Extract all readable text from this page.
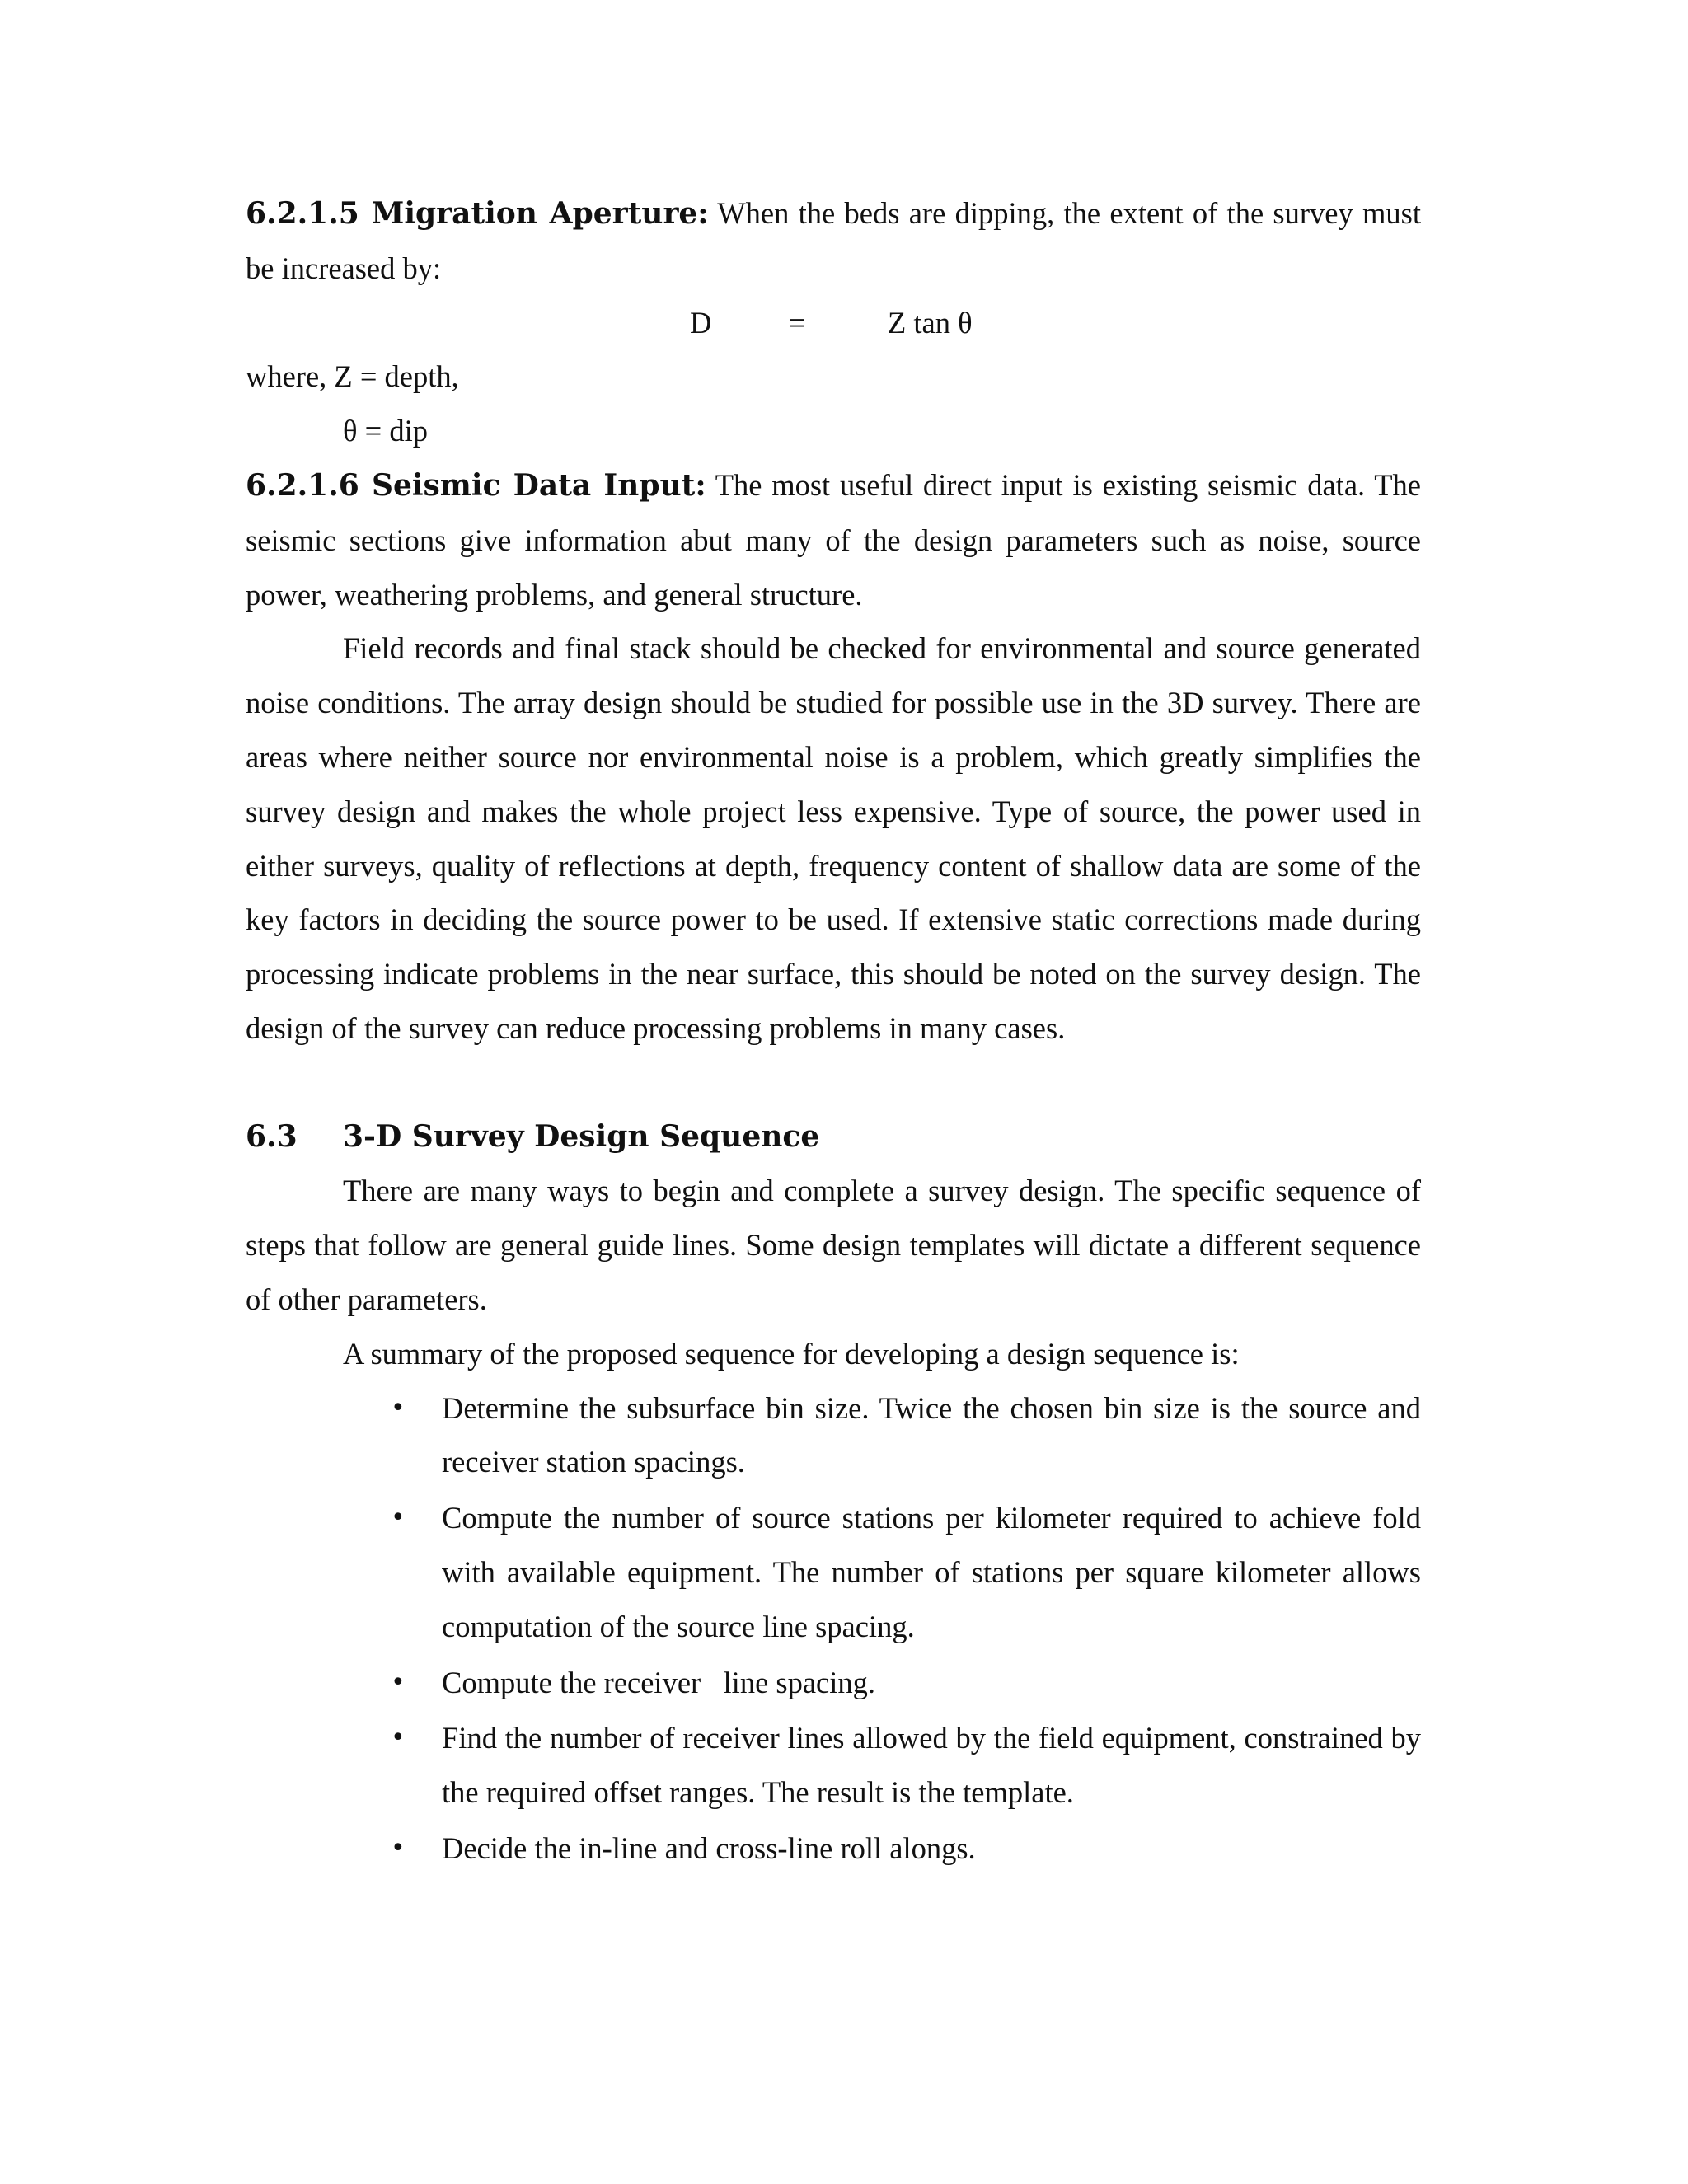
6.2.1.5 Migration Aperture: When the beds are dipping, the extent of the survey must be increased by:

D	=	Z tan θ

where, Z = depth,

θ = dip

6.2.1.6 Seismic Data Input: The most useful direct input is existing seismic data. The seismic sections give information abut many of the design parameters such as noise, source power, weathering problems, and general structure.

Field records and final stack should be checked for environmental and source generated noise conditions. The array design should be studied for possible use in the 3D survey. There are areas where neither source nor environmental noise is a problem, which greatly simplifies the survey design and makes the whole project less expensive. Type of source, the power used in either surveys, quality of reflections at depth, frequency content of shallow data are some of the key factors in deciding the source power to be used. If extensive static corrections made during processing indicate problems in the near surface, this should be noted on the survey design. The design of the survey can reduce processing problems in many cases.

6.3 3-D Survey Design Sequence

There are many ways to begin and complete a survey design. The specific sequence of steps that follow are general guide lines. Some design templates will dictate a different sequence of other parameters.

A summary of the proposed sequence for developing a design sequence is:

• Determine the subsurface bin size. Twice the chosen bin size is the source and receiver station spacings.
• Compute the number of source stations per kilometer required to achieve fold with available equipment. The number of stations per square kilometer allows computation of the source line spacing.
• Compute the receiver   line spacing.
• Find the number of receiver lines allowed by the field equipment, constrained by the required offset ranges. The result is the template.
• Decide the in-line and cross-line roll alongs.
